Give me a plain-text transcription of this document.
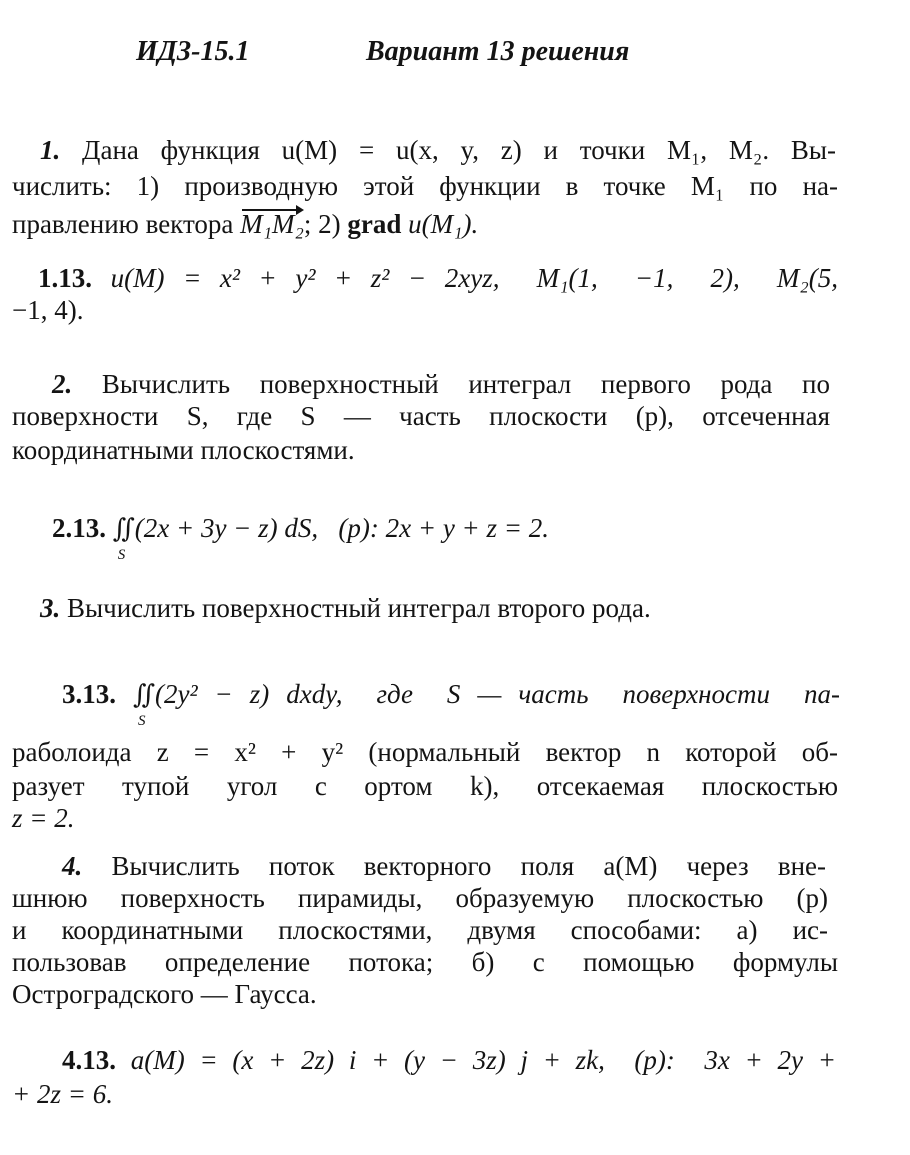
ИДЗ-15.1	Вариант 13 решения

1. Дана функция u(M) = u(x, y, z) и точки M₁, M₂. Вы-

числить: 1) производную этой функции в точке M₁ по на-

правлению вектора M₁M₂; 2) grad u(M₁).

1.13. u(M) = x² + y² + z² − 2xyz,  M₁(1,  −1,  2),  M₂(5,

−1, 4).

2. Вычислить поверхностный интеграл первого рода по

поверхности S, где S — часть плоскости (p), отсеченная

координатными плоскостями.

2.13. ∬
S
(2x + 3y − z) dS,   (p): 2x + y + z = 2.

3. Вычислить поверхностный интеграл второго рода.

3.13. ∬
S
(2y² − z) dxdy,  где  S — часть  поверхности  па-

раболоида z = x² + y² (нормальный вектор n которой об-

разует тупой угол с ортом k), отсекаемая плоскостью

z = 2.

4. Вычислить поток векторного поля a(M) через вне-

шнюю поверхность пирамиды, образуемую плоскостью (p)

и координатными плоскостями, двумя способами: а) ис-

пользовав определение потока; б) с помощью формулы

Остроградского — Гаусса.

4.13. a(M) = (x + 2z) i + (y − 3z) j + zk,  (p):  3x + 2y +

+ 2z = 6.
